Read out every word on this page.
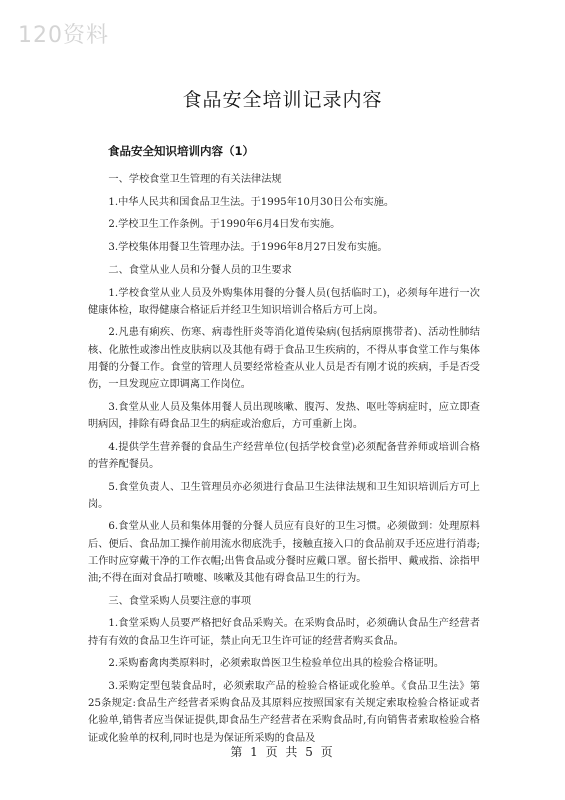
120资料
食品安全培训记录内容
食品安全知识培训内容（1）

一、学校食堂卫生管理的有关法律法规

1.中华人民共和国食品卫生法。于1995年10月30日公布实施。

2.学校卫生工作条例。于1990年6月4日发布实施。

3.学校集体用餐卫生管理办法。于1996年8月27日发布实施。

二、食堂从业人员和分餐人员的卫生要求

1.学校食堂从业人员及外购集体用餐的分餐人员(包括临时工)，必须每年进行一次健康体检，取得健康合格证后并经卫生知识培训合格后方可上岗。

2.凡患有痢疾、伤寒、病毒性肝炎等消化道传染病(包括病原携带者)、活动性肺结核、化脓性或渗出性皮肤病以及其他有碍于食品卫生疾病的，不得从事食堂工作与集体用餐的分餐工作。食堂的管理人员要经常检查从业人员是否有刚才说的疾病，手是否受伤，一旦发现应立即调离工作岗位。

3.食堂从业人员及集体用餐人员出现咳嗽、腹泻、发热、呕吐等病症时，应立即查明病因，排除有碍食品卫生的病症或治愈后，方可重新上岗。

4.提供学生营养餐的食品生产经营单位(包括学校食堂)必须配备营养师或培训合格的营养配餐员。

5.食堂负责人、卫生管理员亦必须进行食品卫生法律法规和卫生知识培训后方可上岗。

6.食堂从业人员和集体用餐的分餐人员应有良好的卫生习惯。必须做到：处理原料后、便后、食品加工操作前用流水彻底洗手，接触直接入口的食品前双手还应进行消毒;工作时应穿戴干净的工作衣帽;出售食品或分餐时应戴口罩。留长指甲、戴戒指、涂指甲油;不得在面对食品打喷嚏、咳嗽及其他有碍食品卫生的行为。

三、食堂采购人员要注意的事项

1.食堂采购人员要严格把好食品采购关。在采购食品时，必须确认食品生产经营者持有有效的食品卫生许可证，禁止向无卫生许可证的经营者购买食品。

2.采购畜禽肉类原料时，必须索取兽医卫生检验单位出具的检验合格证明。

3.采购定型包装食品时，必须索取产品的检验合格证或化验单。《食品卫生法》第25条规定:食品生产经营者采购食品及其原料应按照国家有关规定索取检验合格证或者化验单,销售者应当保证提供,即食品生产经营者在采购食品时,有向销售者索取检验合格证或化验单的权利,同时也是为保证所采购的食品及

第 1 页 共 5 页
